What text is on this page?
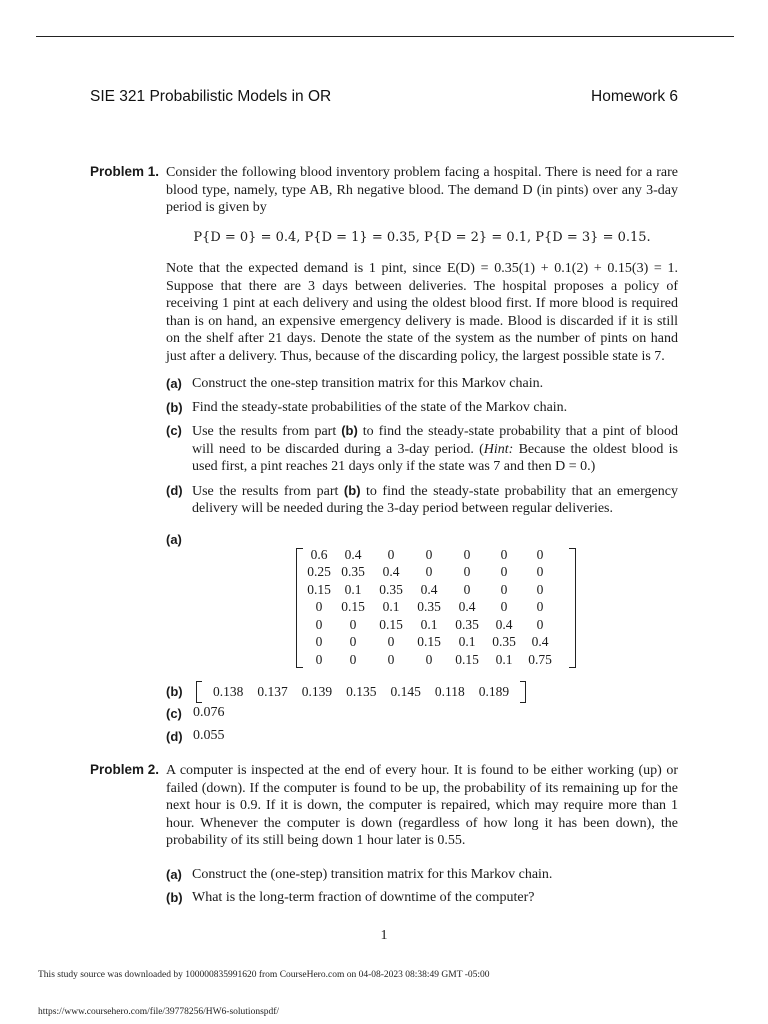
SIE 321 Probabilistic Models in OR	Homework 6
Problem 1. Consider the following blood inventory problem facing a hospital. There is need for a rare blood type, namely, type AB, Rh negative blood. The demand D (in pints) over any 3-day period is given by

P{D = 0} = 0.4, P{D = 1} = 0.35, P{D = 2} = 0.1, P{D = 3} = 0.15.

Note that the expected demand is 1 pint, since E(D) = 0.35(1) + 0.1(2) + 0.15(3) = 1. Suppose that there are 3 days between deliveries. The hospital proposes a policy of receiving 1 pint at each delivery and using the oldest blood first. If more blood is required than is on hand, an expensive emergency delivery is made. Blood is discarded if it is still on the shelf after 21 days. Denote the state of the system as the number of pints on hand just after a delivery. Thus, because of the discarding policy, the largest possible state is 7.

(a) Construct the one-step transition matrix for this Markov chain.
(b) Find the steady-state probabilities of the state of the Markov chain.
(c) Use the results from part (b) to find the steady-state probability that a pint of blood will need to be discarded during a 3-day period. (Hint: Because the oldest blood is used first, a pint reaches 21 days only if the state was 7 and then D = 0.)
(d) Use the results from part (b) to find the steady-state probability that an emergency delivery will be needed during the 3-day period between regular deliveries.
(a)
0.6	0.4	0	0	0	0	0
0.25	0.35	0.4	0	0	0	0
0.15	0.1	0.35	0.4	0	0	0
0	0.15	0.1	0.35	0.4	0	0
0	0	0.15	0.1	0.35	0.4	0
0	0	0	0.15	0.1	0.35	0.4
0	0	0	0	0.15	0.1	0.75
(b) 0.138 0.137 0.139 0.135 0.145 0.118 0.189
(c) 0.076
(d) 0.055
Problem 2. A computer is inspected at the end of every hour. It is found to be either working (up) or failed (down). If the computer is found to be up, the probability of its remaining up for the next hour is 0.9. If it is down, the computer is repaired, which may require more than 1 hour. Whenever the computer is down (regardless of how long it has been down), the probability of its still being down 1 hour later is 0.55.

(a) Construct the (one-step) transition matrix for this Markov chain.
(b) What is the long-term fraction of downtime of the computer?
1
This study source was downloaded by 100000835991620 from CourseHero.com on 04-08-2023 08:38:49 GMT -05:00
https://www.coursehero.com/file/39778256/HW6-solutionspdf/
